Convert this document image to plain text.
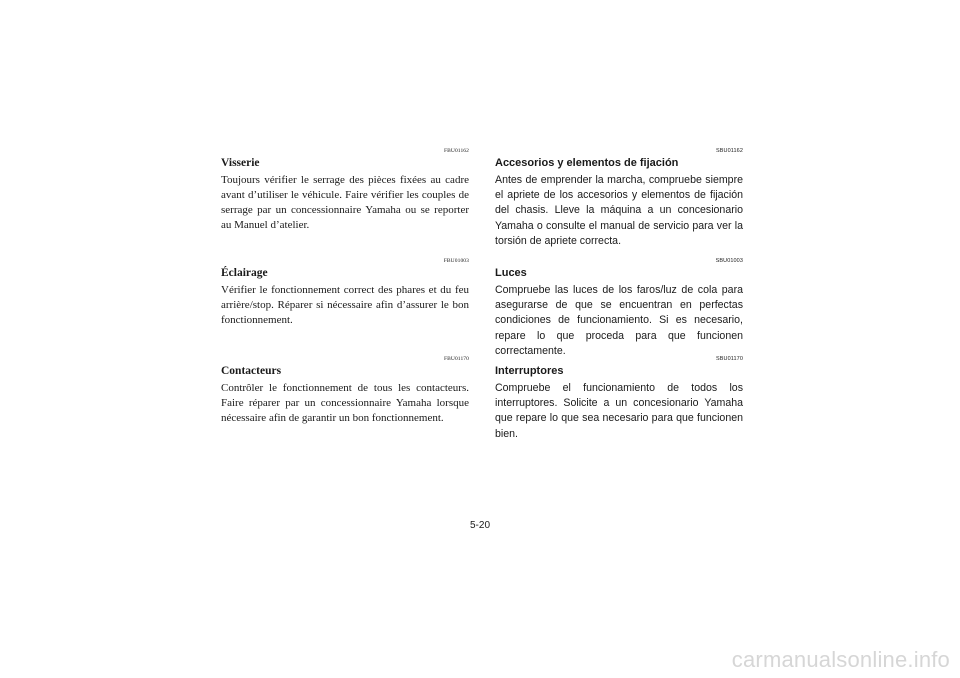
FBU01162
Visserie

Toujours vérifier le serrage des pièces fixées au cadre avant d’utiliser le véhicule. Faire vérifier les couples de serrage par un concessionnaire Yamaha ou se reporter au Manuel d’atelier.

FBU01003
Éclairage

Vérifier le fonctionnement correct des phares et du feu arrière/stop. Réparer si nécessaire afin d’assurer le bon fonctionnement.

FBU01170
Contacteurs

Contrôler le fonctionnement de tous les contacteurs. Faire réparer par un concessionnaire Yamaha lorsque nécessaire afin de garantir un bon fonctionnement.

SBU01162
Accesorios y elementos de fijación

Antes de emprender la marcha, compruebe siempre el apriete de los accesorios y elementos de fijación del chasis. Lleve la máquina a un concesionario Yamaha o consulte el manual de servicio para ver la torsión de apriete correcta.

SBU01003
Luces

Compruebe las luces de los faros/luz de cola para asegurarse de que se encuentran en perfectas condiciones de funcionamiento. Si es necesario, repare lo que proceda para que funcionen correctamente.

SBU01170
Interruptores

Compruebe el funcionamiento de todos los interruptores. Solicite a un concesionario Yamaha que repare lo que sea necesario para que funcionen bien.

5-20
carmanualsonline.info
